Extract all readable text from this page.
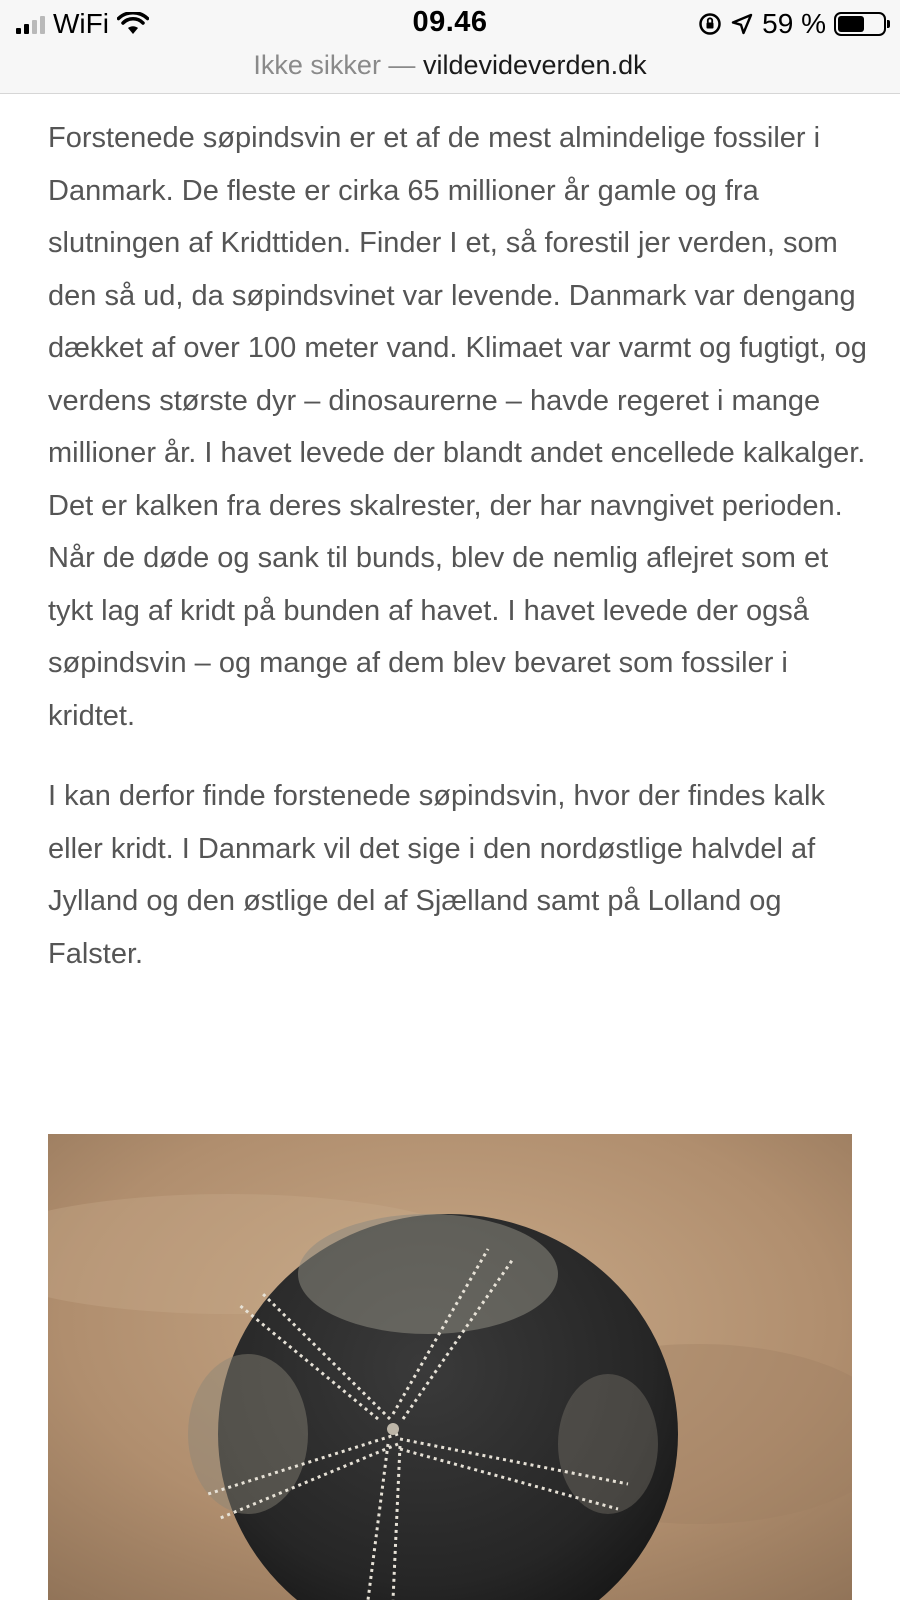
WiFi	09.46	59 %
Ikke sikker — vildevideverden.dk

Forstenede søpindsvin er et af de mest almindelige fossiler i Danmark. De fleste er cirka 65 millioner år gamle og fra slutningen af Kridttiden. Finder I et, så forestil jer verden, som den så ud, da søpindsvinet var levende. Danmark var dengang dækket af over 100 meter vand. Klimaet var varmt og fugtigt, og verdens største dyr – dinosaurerne – havde regeret i mange millioner år. I havet levede der blandt andet encellede kalkalger. Det er kalken fra deres skalrester, der har navngivet perioden. Når de døde og sank til bunds, blev de nemlig aflejret som et tykt lag af kridt på bunden af havet. I havet levede der også søpindsvin – og mange af dem blev bevaret som fossiler i kridtet.

I kan derfor finde forstenede søpindsvin, hvor der findes kalk eller kridt. I Danmark vil det sige i den nordøstlige halvdel af Jylland og den østlige del af Sjælland samt på Lolland og Falster.
